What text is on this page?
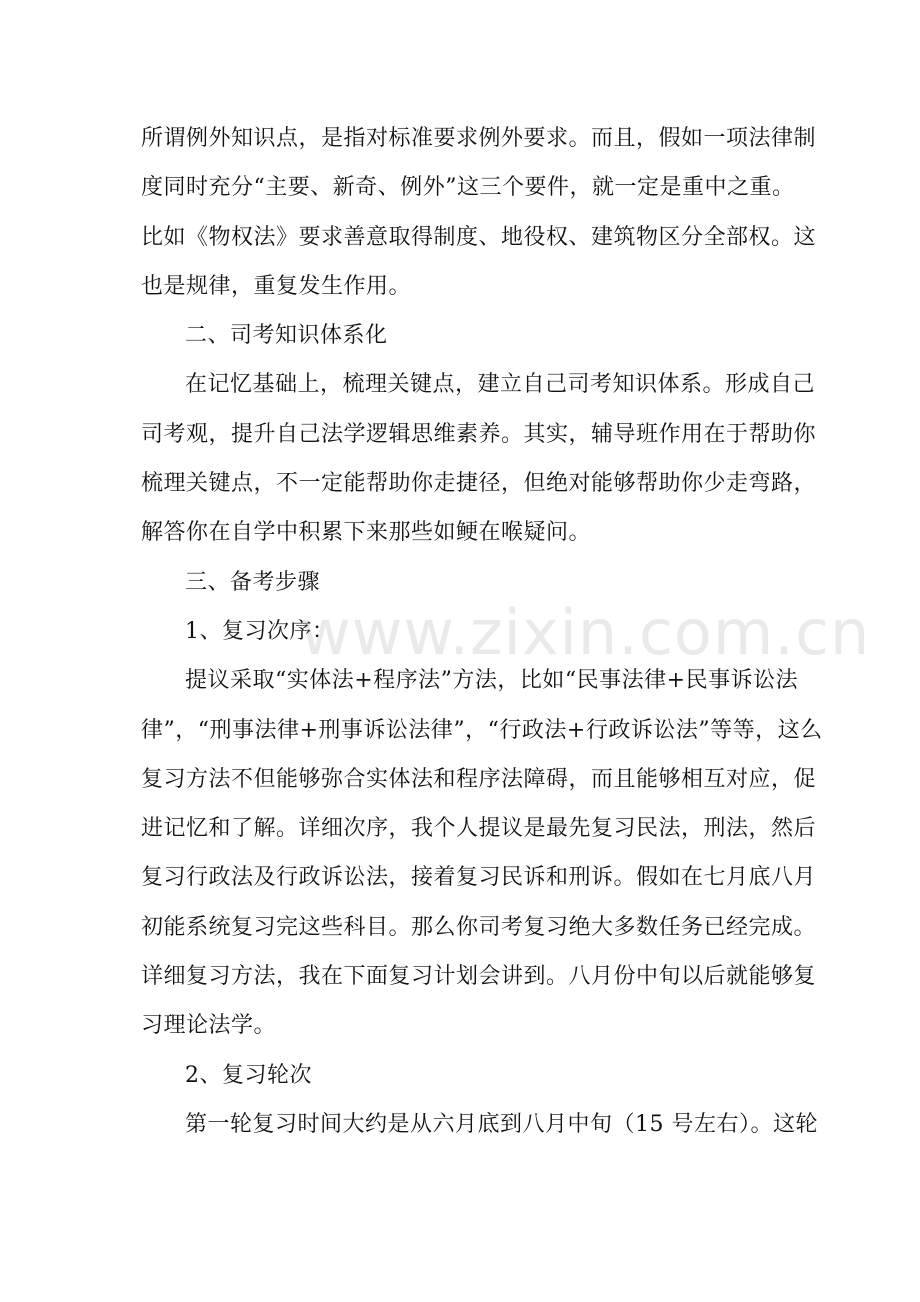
所谓例外知识点，是指对标准要求例外要求。而且，假如一项法律制
度同时充分“主要、新奇、例外”这三个要件，就一定是重中之重。
比如《物权法》要求善意取得制度、地役权、建筑物区分全部权。这
也是规律，重复发生作用。
二、司考知识体系化
在记忆基础上，梳理关键点，建立自己司考知识体系。形成自己
司考观，提升自己法学逻辑思维素养。其实，辅导班作用在于帮助你
梳理关键点，不一定能帮助你走捷径，但绝对能够帮助你少走弯路，
解答你在自学中积累下来那些如鲠在喉疑问。
三、备考步骤
1、复习次序：
提议采取“实体法+程序法”方法，比如“民事法律+民事诉讼法
律”，“刑事法律+刑事诉讼法律”，“行政法+行政诉讼法”等等，这么
复习方法不但能够弥合实体法和程序法障碍，而且能够相互对应，促
进记忆和了解。详细次序，我个人提议是最先复习民法，刑法，然后
复习行政法及行政诉讼法，接着复习民诉和刑诉。假如在七月底八月
初能系统复习完这些科目。那么你司考复习绝大多数任务已经完成。
详细复习方法，我在下面复习计划会讲到。八月份中旬以后就能够复
习理论法学。
2、复习轮次
第一轮复习时间大约是从六月底到八月中旬（15 号左右）。这轮
www.zixin.com.cn
